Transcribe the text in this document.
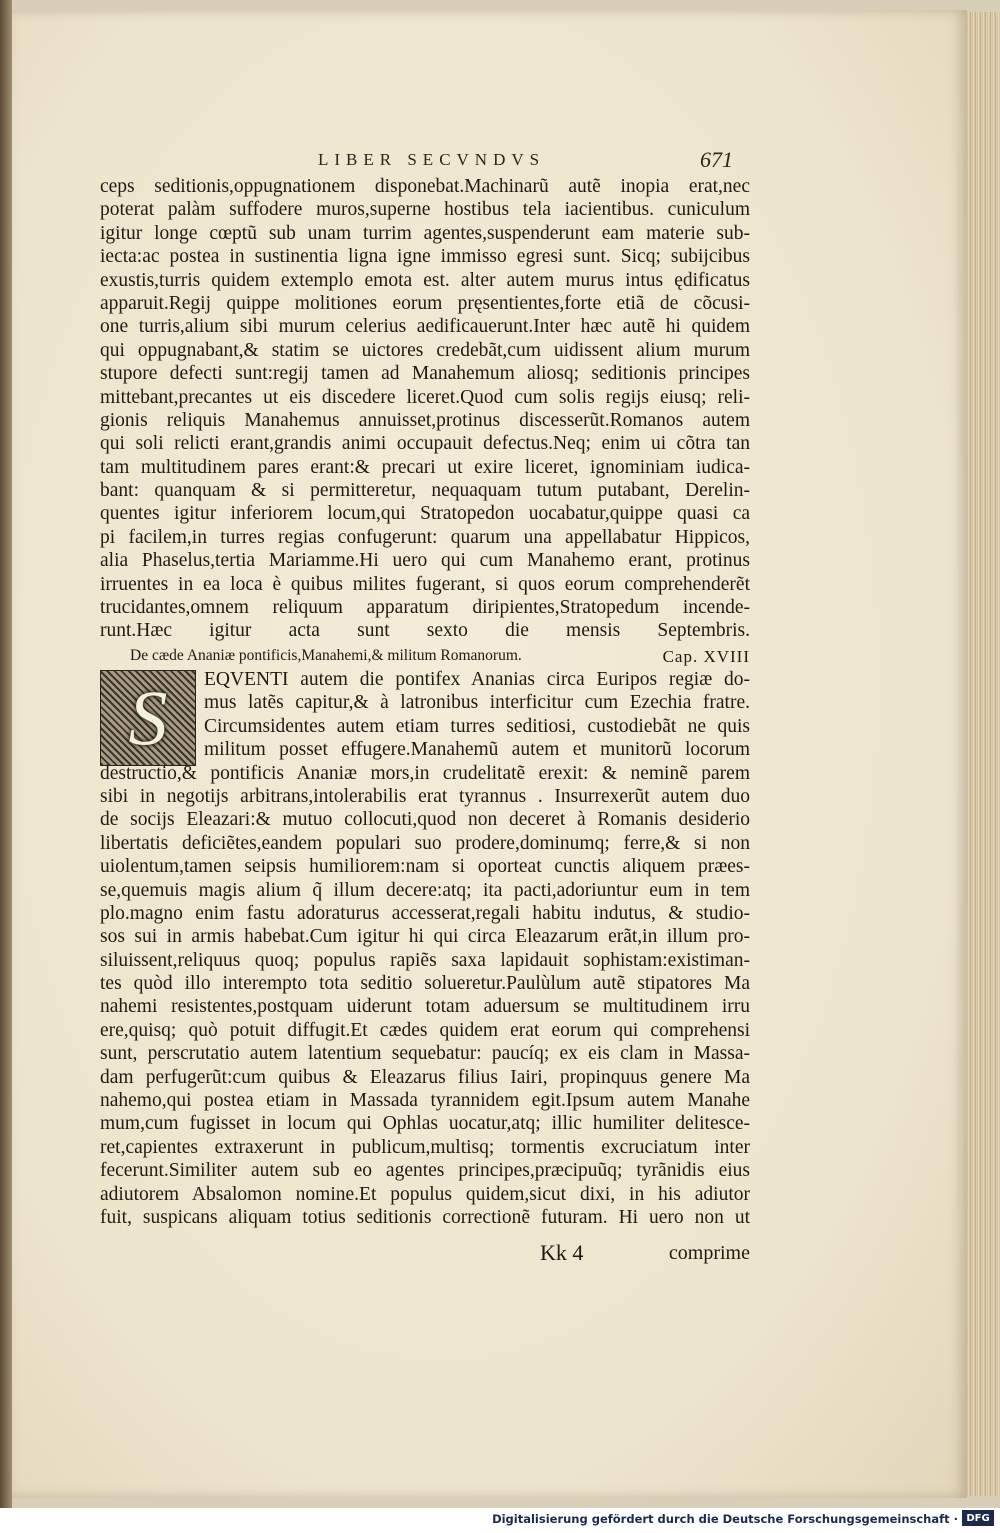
LIBER SECVNDVS	671
ceps seditionis,oppugnationem disponebat.Machinarũ autẽ inopia erat,nec
poterat palàm suffodere muros,superne hostibus tela iacientibus. cuniculum
igitur longe cœptũ sub unam turrim agentes,suspenderunt eam materie sub-
iecta:ac postea in sustinentia ligna igne immisso egresi sunt. Sicq; subijcibus
exustis,turris quidem extemplo emota est. alter autem murus intus ędificatus
apparuit.Regij quippe molitiones eorum pręsentientes,forte etiã de cõcusi-
one turris,alium sibi murum celerius aedificauerunt.Inter hæc autẽ hi quidem
qui oppugnabant,& statim se uictores credebãt,cum uidissent alium murum
stupore defecti sunt:regij tamen ad Manahemum aliosq; seditionis principes
mittebant,precantes ut eis discedere liceret.Quod cum solis regijs eiusq; reli-
gionis reliquis Manahemus annuisset,protinus discesserũt.Romanos autem
qui soli relicti erant,grandis animi occupauit defectus.Neq; enim ui cõtra tan
tam multitudinem pares erant:& precari ut exire liceret, ignominiam iudica-
bant: quanquam & si permitteretur, nequaquam tutum putabant, Derelin-
quentes igitur inferiorem locum,qui Stratopedon uocabatur,quippe quasi ca
pi facilem,in turres regias confugerunt: quarum una appellabatur Hippicos,
alia Phaselus,tertia Mariamme.Hi uero qui cum Manahemo erant, protinus
irruentes in ea loca è quibus milites fugerant, si quos eorum comprehenderẽt
trucidantes,omnem reliquum apparatum diripientes,Stratopedum incende-
runt.Hæc igitur acta sunt sexto die mensis Septembris.
De cæde Ananiæ pontificis,Manahemi,& militum Romanorum.	Cap. XVIII
S	EQVENTI autem die pontifex Ananias circa Euripos regiæ do-
mus latẽs capitur,& à latronibus interficitur cum Ezechia fratre.
Circumsidentes autem etiam turres seditiosi, custodiebãt ne quis
militum posset effugere.Manahemũ autem et munitorũ locorum
destructio,& pontificis Ananiæ mors,in crudelitatẽ erexit: & neminẽ parem
sibi in negotijs arbitrans,intolerabilis erat tyrannus . Insurrexerũt autem duo
de socijs Eleazari:& mutuo collocuti,quod non deceret à Romanis desiderio
libertatis deficiẽtes,eandem populari suo prodere,dominumq; ferre,& si non
uiolentum,tamen seipsis humiliorem:nam si oporteat cunctis aliquem præes-
se,quemuis magis alium q̃ illum decere:atq; ita pacti,adoriuntur eum in tem
plo.magno enim fastu adoraturus accesserat,regali habitu indutus, & studio-
sos sui in armis habebat.Cum igitur hi qui circa Eleazarum erãt,in illum pro-
siluissent,reliquus quoq; populus rapiẽs saxa lapidauit sophistam:existiman-
tes quòd illo interempto tota seditio solueretur.Paulùlum autẽ stipatores Ma
nahemi resistentes,postquam uiderunt totam aduersum se multitudinem irru
ere,quisq; quò potuit diffugit.Et cædes quidem erat eorum qui comprehensi
sunt, perscrutatio autem latentium sequebatur: paucíq; ex eis clam in Massa-
dam perfugerũt:cum quibus & Eleazarus filius Iairi, propinquus genere Ma
nahemo,qui postea etiam in Massada tyrannidem egit.Ipsum autem Manahe
mum,cum fugisset in locum qui Ophlas uocatur,atq; illic humiliter delitesce-
ret,capientes extraxerunt in publicum,multisq; tormentis excruciatum inter
fecerunt.Similiter autem sub eo agentes principes,præcipuũq; tyrãnidis eius
adiutorem Absalomon nomine.Et populus quidem,sicut dixi, in his adiutor
fuit, suspicans aliquam totius seditionis correctionẽ futuram. Hi uero non ut
Kk 4	comprime
Digitalisierung gefördert durch die Deutsche Forschungsgemeinschaft · DFG
